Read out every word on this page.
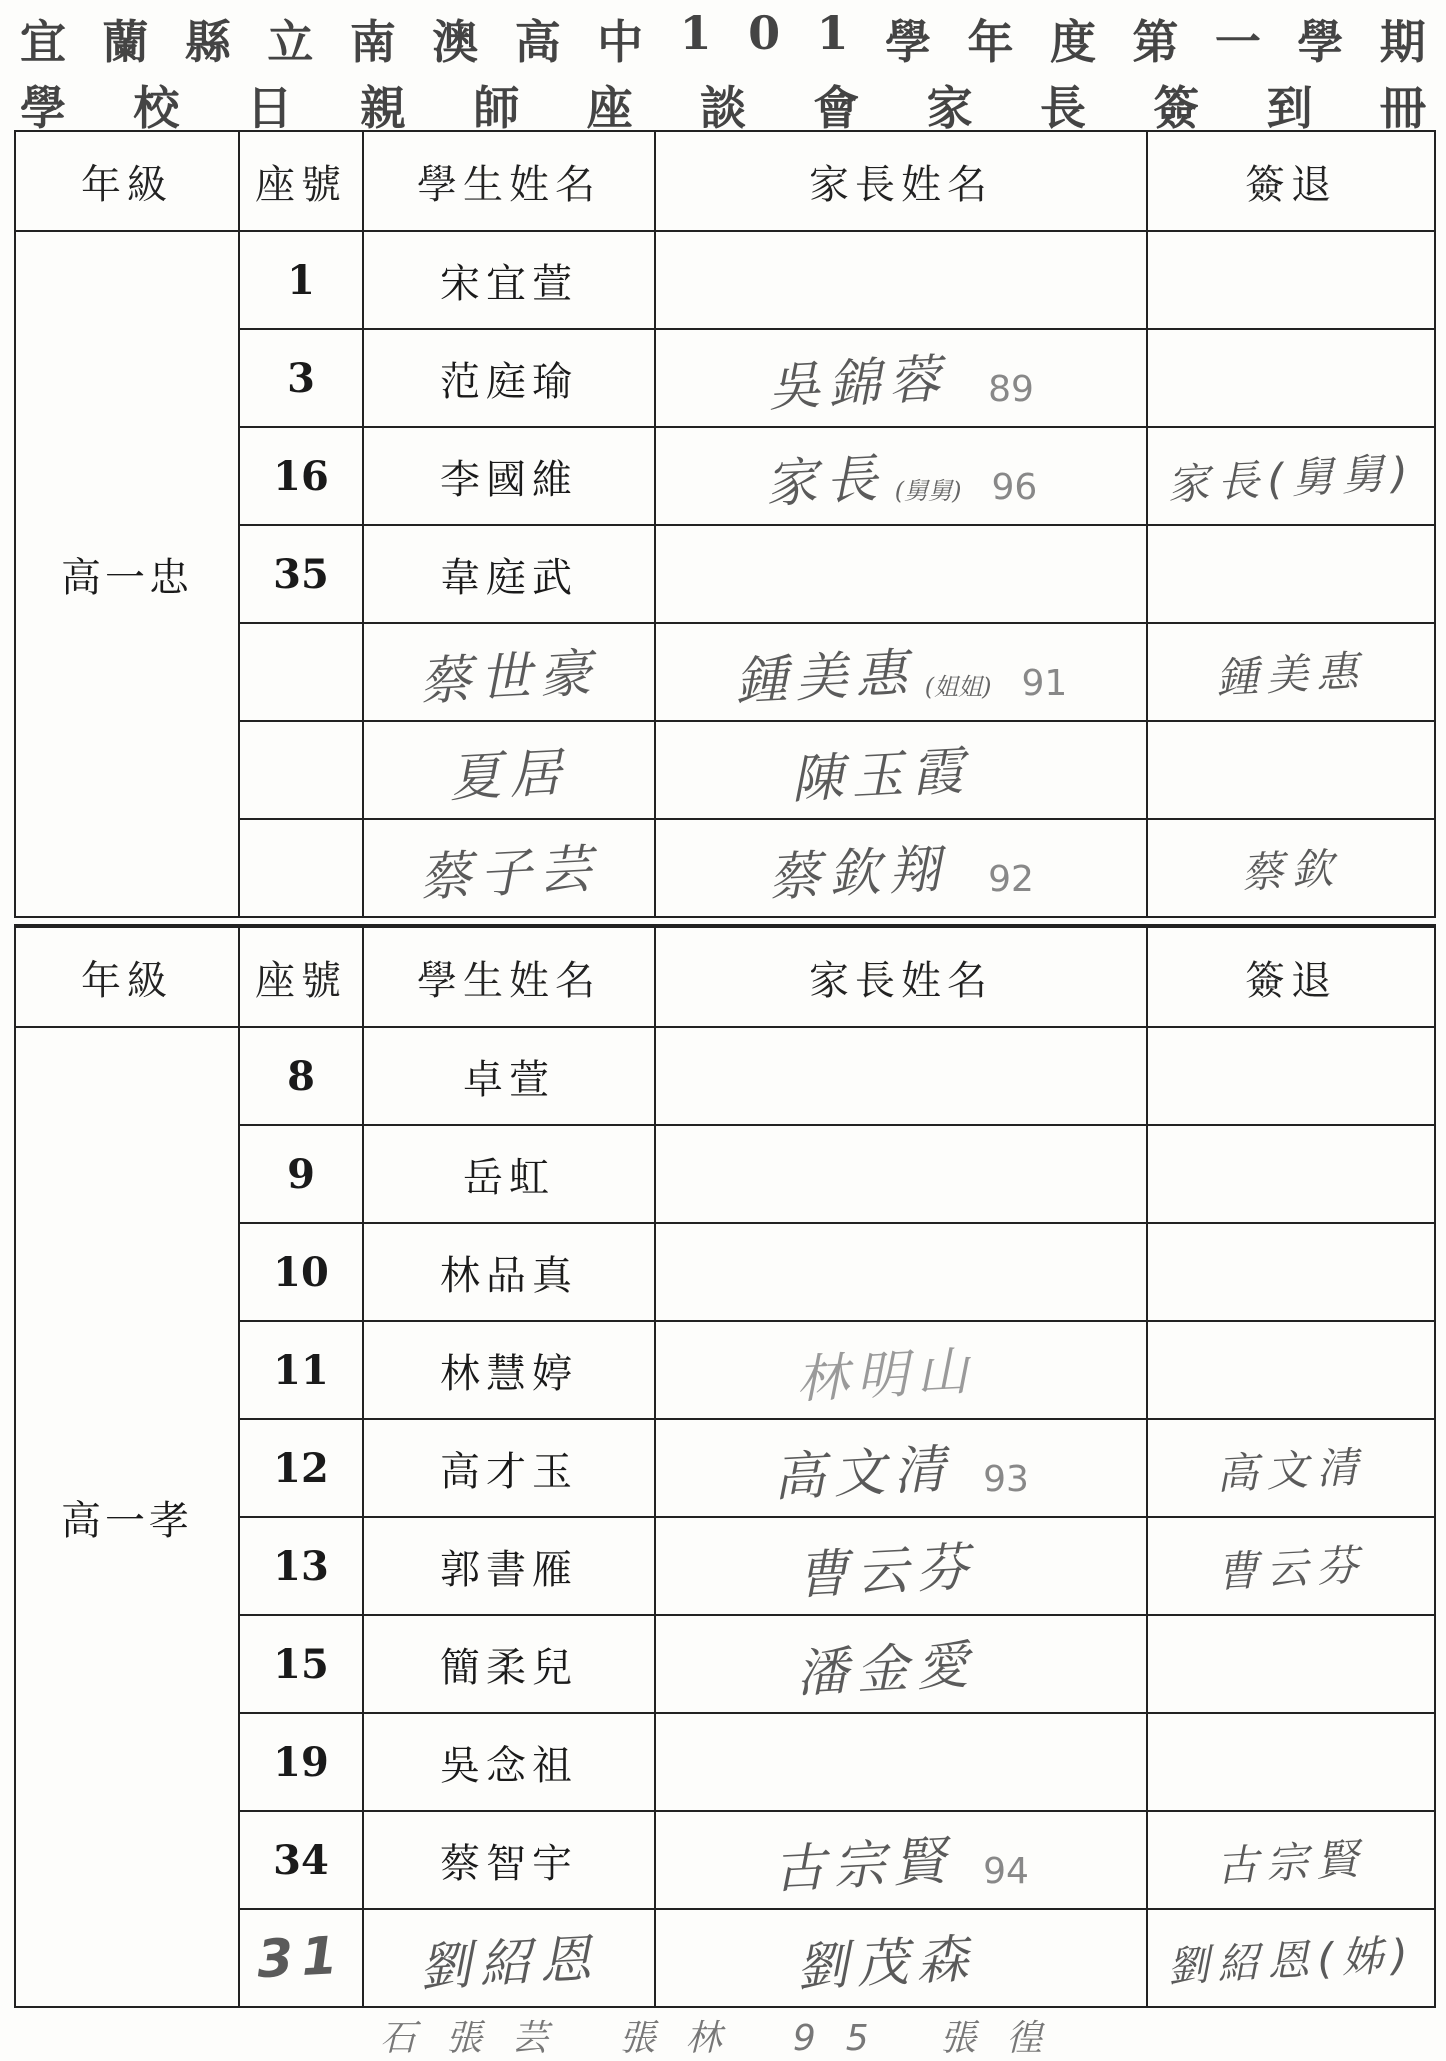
宜 蘭 縣 立 南 澳 高 中 1 0 1 學 年 度 第 一 學 期
學 校 日 親 師 座 談 會 家 長 簽 到 冊
年級	座號	學生姓名	家長姓名	簽退
高一忠	1	宋宜萱		
	3	范庭瑜	吳錦蓉 89	
	16	李國維	家長 (舅舅) 96	家長(舅舅)
	35	韋庭武		
		蔡世豪	鍾美惠 (姐姐) 91	鍾美惠
		夏居	陳玉霞	
		蔡子芸	蔡欽翔 92	蔡欽
年級	座號	學生姓名	家長姓名	簽退
高一孝	8	卓萱		
	9	岳虹		
	10	林品真		
	11	林慧婷	林明山	
	12	高才玉	高文清 93	高文清
	13	郭書雁	曹云芬	曹云芬
	15	簡柔兒	潘金愛	
	19	吳念祖		
	34	蔡智宇	古宗賢 94	古宗賢
	31	劉紹恩	劉茂森	劉紹恩(姊)
石張芸 張林 95 張徨
